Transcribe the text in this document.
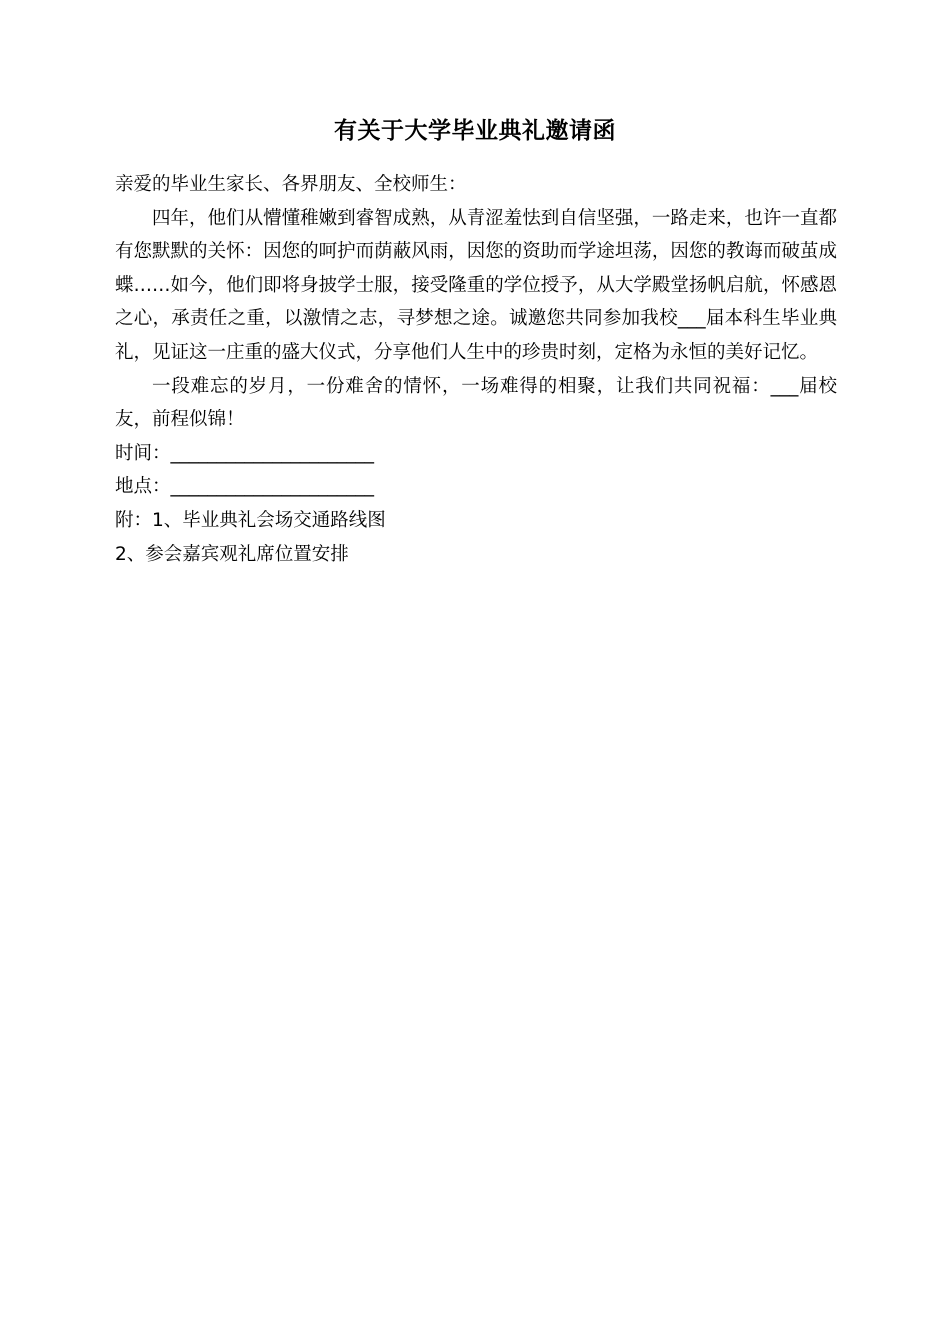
有关于大学毕业典礼邀请函

亲爱的毕业生家长、各界朋友、全校师生：

四年，他们从懵懂稚嫩到睿智成熟，从青涩羞怯到自信坚强，一路走来，也许一直都有您默默的关怀：因您的呵护而荫蔽风雨，因您的资助而学途坦荡，因您的教诲而破茧成蝶……如今，他们即将身披学士服，接受隆重的学位授予，从大学殿堂扬帆启航，怀感恩之心，承责任之重，以激情之志，寻梦想之途。诚邀您共同参加我校___届本科生毕业典礼，见证这一庄重的盛大仪式，分享他们人生中的珍贵时刻，定格为永恒的美好记忆。

一段难忘的岁月，一份难舍的情怀，一场难得的相聚，让我们共同祝福：___届校友，前程似锦！

时间：______________________

地点：______________________

附：1、毕业典礼会场交通路线图

2、参会嘉宾观礼席位置安排
